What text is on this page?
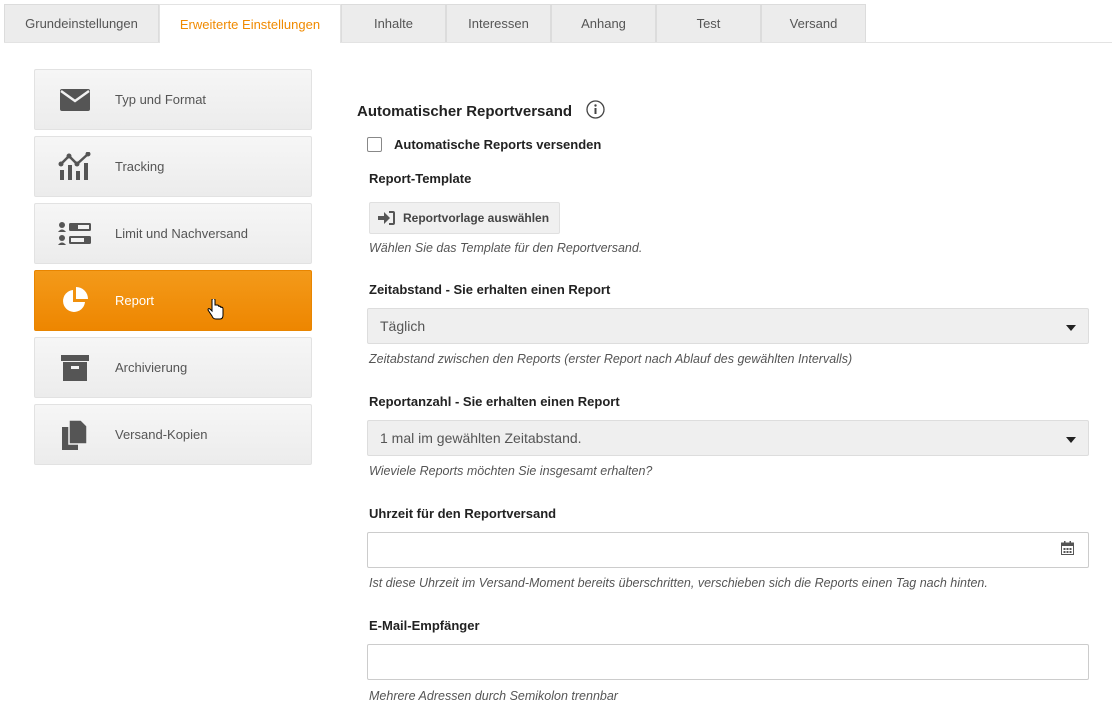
Grundeinstellungen	Erweiterte Einstellungen	Inhalte	Interessen	Anhang	Test	Versand
Typ und Format
Tracking
Limit und Nachversand
Report
Archivierung
Versand-Kopien
Automatischer Reportversand
Automatische Reports versenden
Report-Template
Reportvorlage auswählen
Wählen Sie das Template für den Reportversand.
Zeitabstand - Sie erhalten einen Report
Täglich
Zeitabstand zwischen den Reports (erster Report nach Ablauf des gewählten Intervalls)
Reportanzahl - Sie erhalten einen Report
1 mal im gewählten Zeitabstand.
Wieviele Reports möchten Sie insgesamt erhalten?
Uhrzeit für den Reportversand
Ist diese Uhrzeit im Versand-Moment bereits überschritten, verschieben sich die Reports einen Tag nach hinten.
E-Mail-Empfänger
Mehrere Adressen durch Semikolon trennbar
